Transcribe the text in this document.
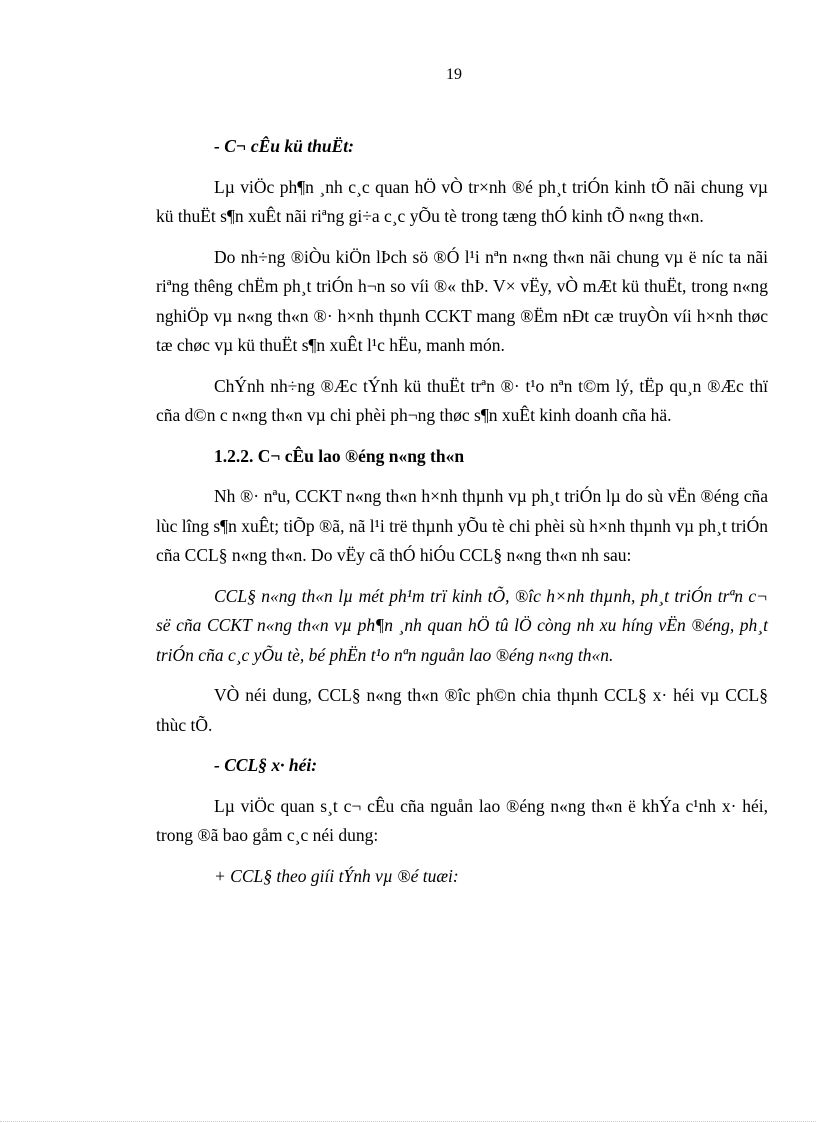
19
- C¬ cÊu kü thuËt:

Lµ viÖc ph¶n ¸nh c¸c quan hÖ vÒ tr×nh ®é ph¸t triÓn kinh tÕ nãi chung vµ kü thuËt s¶n xuÊt nãi riªng gi÷a c¸c yÕu tè trong tæng thÓ kinh tÕ n«ng th«n.

Do nh÷ng ®iÒu kiÖn lÞch sö ®Ó l¹i nªn n«ng th«n nãi chung vµ ë níc ta nãi riªng thêng chËm ph¸t triÓn h¬n so víi ®« thÞ. V× vËy, vÒ mÆt kü thuËt, trong n«ng nghiÖp vµ n«ng th«n ®· h×nh thµnh CCKT mang ®Ëm nÐt cæ truyÒn víi h×nh thøc tæ chøc vµ kü thuËt s¶n xuÊt l¹c hËu, manh món.

ChÝnh nh÷ng ®Æc tÝnh kü thuËt trªn ®· t¹o nªn t©m lý, tËp qu¸n ®Æc thï cña d©n c n«ng th«n vµ chi phèi ph¬ng thøc s¶n xuÊt kinh doanh cña hä.

1.2.2. C¬ cÊu lao ®éng n«ng th«n

Nh ®· nªu, CCKT n«ng th«n h×nh thµnh vµ ph¸t triÓn lµ do sù vËn ®éng cña lùc lîng s¶n xuÊt; tiÕp ®ã, nã l¹i trë thµnh yÕu tè chi phèi sù h×nh thµnh vµ ph¸t triÓn cña CCL§ n«ng th«n. Do vËy cã thÓ hiÓu CCL§ n«ng th«n nh sau:

CCL§ n«ng th«n lµ mét ph¹m trï kinh tÕ, ®îc h×nh thµnh, ph¸t triÓn trªn c¬ së cña CCKT n«ng th«n vµ ph¶n ¸nh quan hÖ tû lÖ còng nh xu híng vËn ®éng, ph¸t triÓn cña c¸c yÕu tè, bé phËn t¹o nªn nguån lao ®éng n«ng th«n.

VÒ néi dung, CCL§ n«ng th«n ®îc ph©n chia thµnh CCL§ x· héi vµ CCL§ thùc tÕ.

- CCL§ x· héi:

Lµ viÖc quan s¸t c¬ cÊu cña nguån lao ®éng n«ng th«n ë khÝa c¹nh x· héi, trong ®ã bao gåm c¸c néi dung:

+ CCL§ theo giíi tÝnh vµ ®é tuæi:
